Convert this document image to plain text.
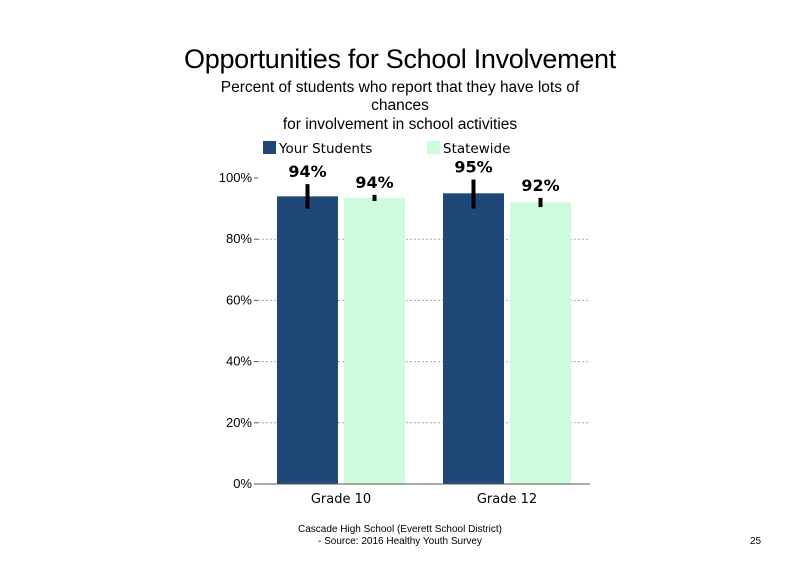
Opportunities for School Involvement
Percent of students who report that they have lots of
chances
for involvement in school activities
94%
94%
95%
92%
0%
20%
40%
60%
80%
100%
Grade 10	Grade 12
Your Students	Statewide
Cascade High School (Everett School District)
- Source: 2016 Healthy Youth Survey	25
